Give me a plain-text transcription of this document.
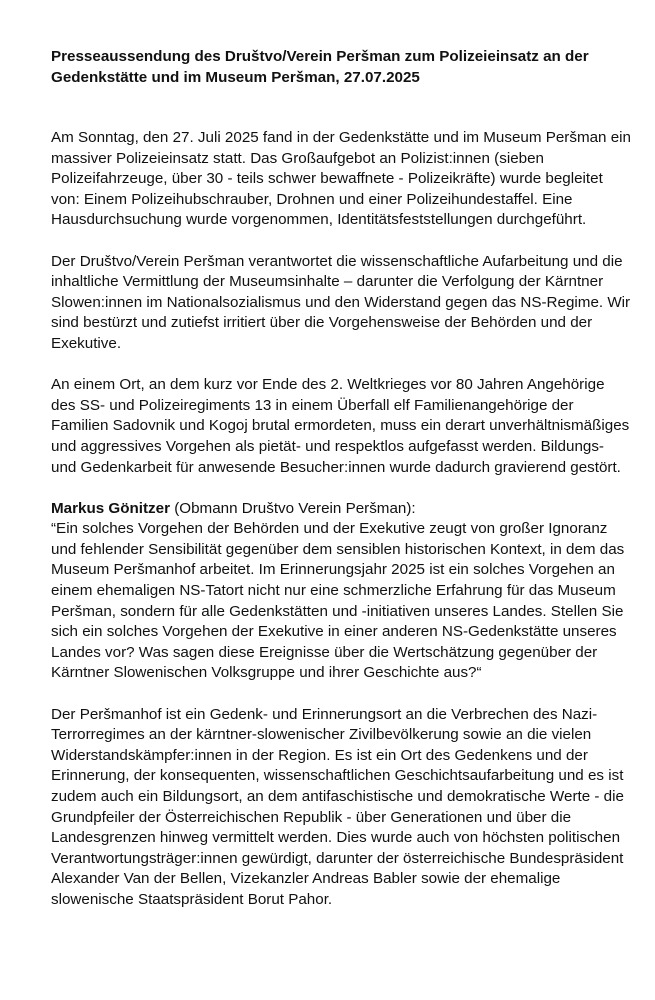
Presseaussendung des Društvo/Verein Peršman zum Polizeieinsatz an der Gedenkstätte und im Museum Peršman, 27.07.2025

Am Sonntag, den 27. Juli 2025 fand in der Gedenkstätte und im Museum Peršman ein massiver Polizeieinsatz statt. Das Großaufgebot an Polizist:innen (sieben Polizeifahrzeuge, über 30 - teils schwer bewaffnete - Polizeikräfte) wurde begleitet von: Einem Polizeihubschrauber, Drohnen und einer Polizeihundestaffel. Eine Hausdurchsuchung wurde vorgenommen, Identitätsfeststellungen durchgeführt.

Der Društvo/Verein Peršman verantwortet die wissenschaftliche Aufarbeitung und die inhaltliche Vermittlung der Museumsinhalte – darunter die Verfolgung der Kärntner Slowen:innen im Nationalsozialismus und den Widerstand gegen das NS-Regime. Wir sind bestürzt und zutiefst irritiert über die Vorgehensweise der Behörden und der Exekutive.

An einem Ort, an dem kurz vor Ende des 2. Weltkrieges vor 80 Jahren Angehörige des SS- und Polizeiregiments 13 in einem Überfall elf Familienangehörige der Familien Sadovnik und Kogoj brutal ermordeten, muss ein derart unverhältnismäßiges und aggressives Vorgehen als pietät- und respektlos aufgefasst werden. Bildungs- und Gedenkarbeit für anwesende Besucher:innen wurde dadurch gravierend gestört.

Markus Gönitzer (Obmann Društvo Verein Peršman):
“Ein solches Vorgehen der Behörden und der Exekutive zeugt von großer Ignoranz und fehlender Sensibilität gegenüber dem sensiblen historischen Kontext, in dem das Museum Peršmanhof arbeitet. Im Erinnerungsjahr 2025 ist ein solches Vorgehen an einem ehemaligen NS-Tatort nicht nur eine schmerzliche Erfahrung für das Museum Peršman, sondern für alle Gedenkstätten und -initiativen unseres Landes. Stellen Sie sich ein solches Vorgehen der Exekutive in einer anderen NS-Gedenkstätte unseres Landes vor? Was sagen diese Ereignisse über die Wertschätzung gegenüber der Kärntner Slowenischen Volksgruppe und ihrer Geschichte aus?“

Der Peršmanhof ist ein Gedenk- und Erinnerungsort an die Verbrechen des Nazi-Terrorregimes an der kärntner-slowenischer Zivilbevölkerung sowie an die vielen Widerstandskämpfer:innen in der Region. Es ist ein Ort des Gedenkens und der Erinnerung, der konsequenten, wissenschaftlichen Geschichtsaufarbeitung und es ist zudem auch ein Bildungsort, an dem antifaschistische und demokratische Werte - die Grundpfeiler der Österreichischen Republik - über Generationen und über die Landesgrenzen hinweg vermittelt werden. Dies wurde auch von höchsten politischen Verantwortungsträger:innen gewürdigt, darunter der österreichische Bundespräsident Alexander Van der Bellen, Vizekanzler Andreas Babler sowie der ehemalige slowenische Staatspräsident Borut Pahor.
